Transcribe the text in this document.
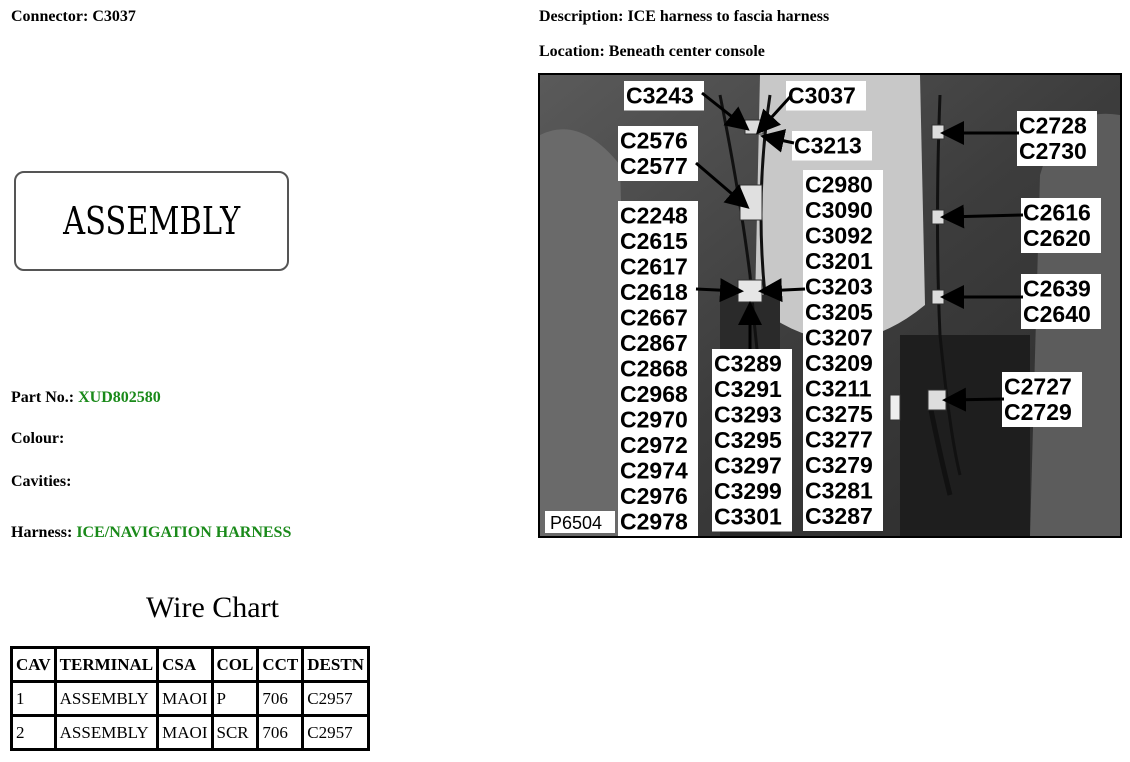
Connector: C3037	Description: ICE harness to fascia harness
Location: Beneath center console
ASSEMBLY
Part No.: XUD802580
Colour:
Cavities:
Harness: ICE/NAVIGATION HARNESS
Wire Chart
CAV	TERMINAL	CSA	COL	CCT	DESTN
1	ASSEMBLY	MAOI	P	706	C2957
2	ASSEMBLY	MAOI	SCR	706	C2957
C3243	C3037
C3213
C2576
C2577
C2248
C2615
C2617
C2618
C2667
C2867
C2868
C2968
C2970
C2972
C2974
C2976
C2978
C3289
C3291
C3293
C3295
C3297
C3299
C3301
C2980
C3090
C3092
C3201
C3203
C3205
C3207
C3209
C3211
C3275
C3277
C3279
C3281
C3287
C2728
C2730
C2616
C2620
C2639
C2640
C2727
C2729
P6504
